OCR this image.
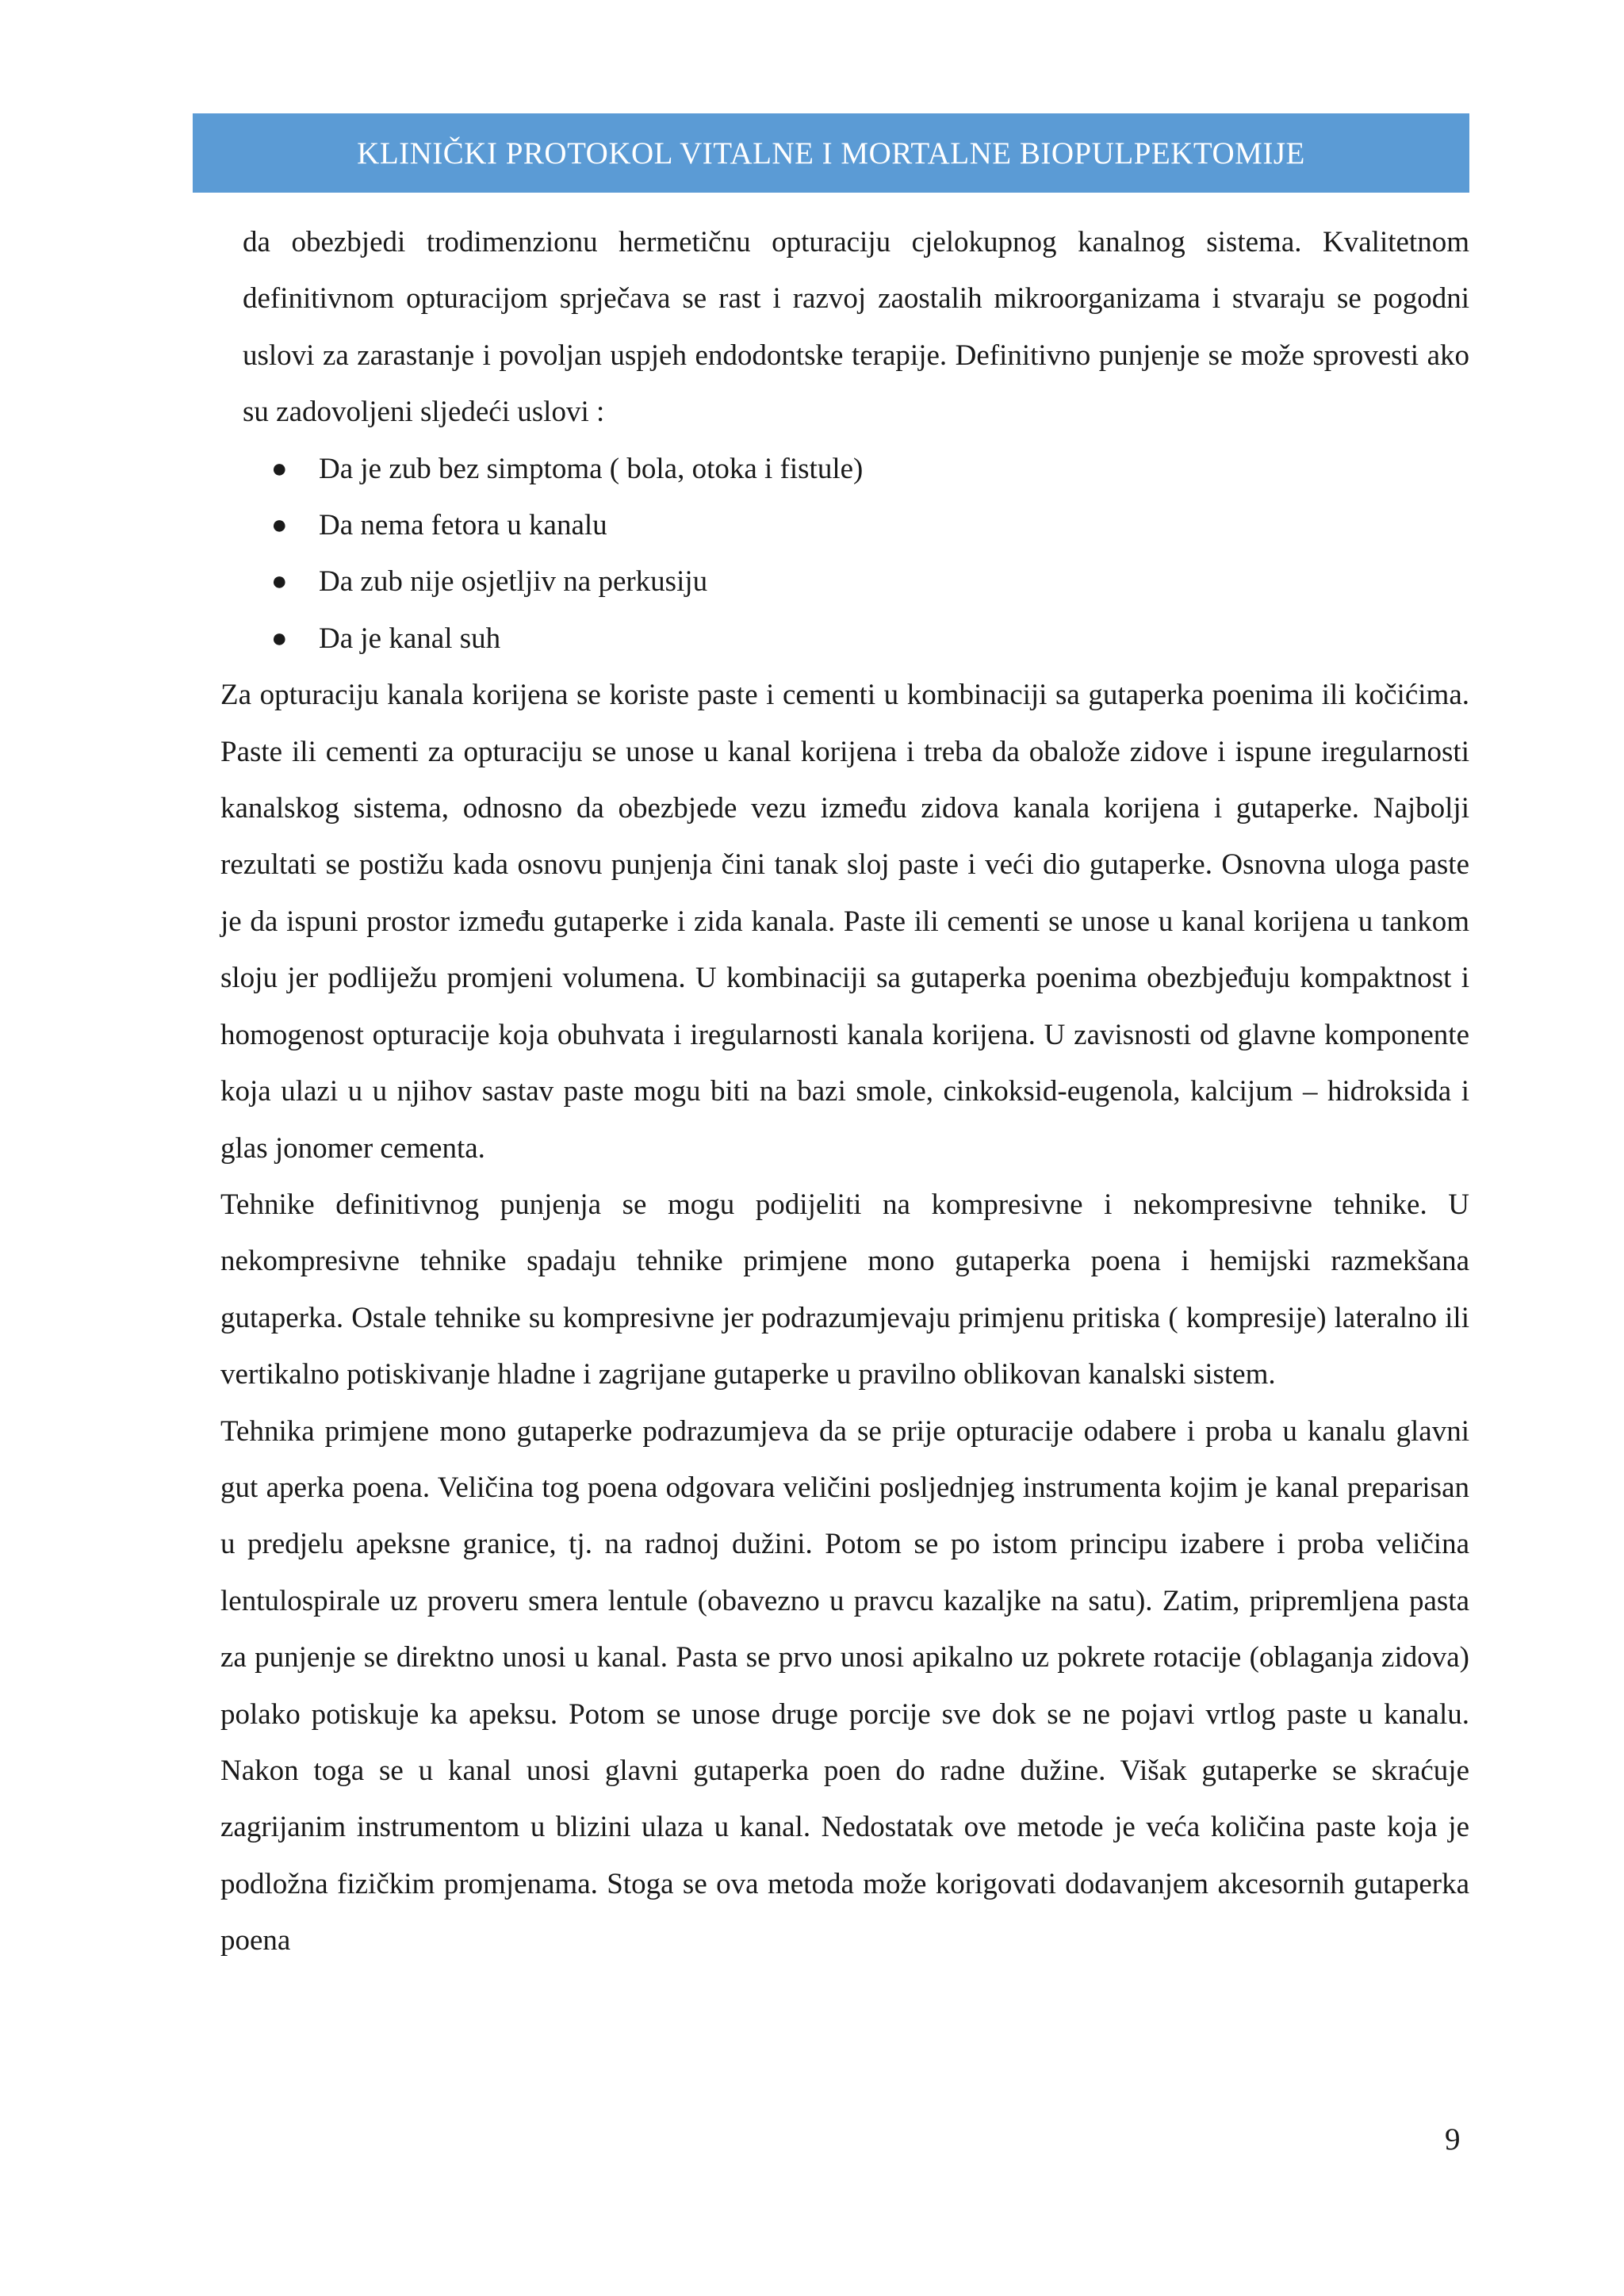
KLINIČKI PROTOKOL VITALNE I MORTALNE BIOPULPEKTOMIJE

da obezbjedi trodimenzionu hermetičnu opturaciju cjelokupnog kanalnog sistema. Kvalitetnom definitivnom opturacijom sprječava se rast i razvoj zaostalih mikroorganizama i stvaraju se pogodni uslovi za zarastanje i povoljan uspjeh endodontske terapije. Definitivno punjenje se može sprovesti ako su zadovoljeni sljedeći uslovi :

● Da je zub bez simptoma ( bola, otoka i fistule)
● Da nema fetora u kanalu
● Da zub nije osjetljiv na perkusiju
● Da je kanal suh

Za opturaciju kanala korijena se koriste paste i cementi u kombinaciji sa gutaperka poenima ili kočićima. Paste ili cementi za opturaciju se unose u kanal korijena i treba da obalože zidove i ispune iregularnosti kanalskog sistema, odnosno da obezbjede vezu između zidova kanala korijena i gutaperke. Najbolji rezultati se postižu kada osnovu punjenja čini tanak sloj paste i veći dio gutaperke. Osnovna uloga paste je da ispuni prostor između gutaperke i zida kanala. Paste ili cementi se unose u kanal korijena u tankom sloju jer podliježu promjeni volumena. U kombinaciji sa gutaperka poenima obezbjeđuju kompaktnost i homogenost opturacije koja obuhvata i iregularnosti kanala korijena. U zavisnosti od glavne komponente koja ulazi u u njihov sastav paste mogu biti na bazi smole, cinkoksid-eugenola, kalcijum – hidroksida i glas jonomer cementa.

Tehnike definitivnog punjenja se mogu podijeliti na kompresivne i nekompresivne tehnike. U nekompresivne tehnike spadaju tehnike primjene mono gutaperka poena i hemijski razmekšana gutaperka. Ostale tehnike su kompresivne jer podrazumjevaju primjenu pritiska ( kompresije) lateralno ili vertikalno potiskivanje hladne i zagrijane gutaperke u pravilno oblikovan kanalski sistem.

Tehnika primjene mono gutaperke podrazumjeva da se prije opturacije odabere i proba u kanalu glavni gut aperka poena. Veličina tog poena odgovara veličini posljednjeg instrumenta kojim je kanal preparisan u predjelu apeksne granice, tj. na radnoj dužini. Potom se po istom principu izabere i proba veličina lentulospirale uz proveru smera lentule (obavezno u pravcu kazaljke na satu). Zatim, pripremljena pasta za punjenje se direktno unosi u kanal. Pasta se prvo unosi apikalno uz pokrete rotacije (oblaganja zidova) polako potiskuje ka apeksu. Potom se unose druge porcije sve dok se ne pojavi vrtlog paste u kanalu. Nakon toga se u kanal unosi glavni gutaperka poen do radne dužine. Višak gutaperke se skraćuje zagrijanim instrumentom u blizini ulaza u kanal. Nedostatak ove metode je veća količina paste koja je podložna fizičkim promjenama. Stoga se ova metoda može korigovati dodavanjem akcesornih gutaperka poena

9
